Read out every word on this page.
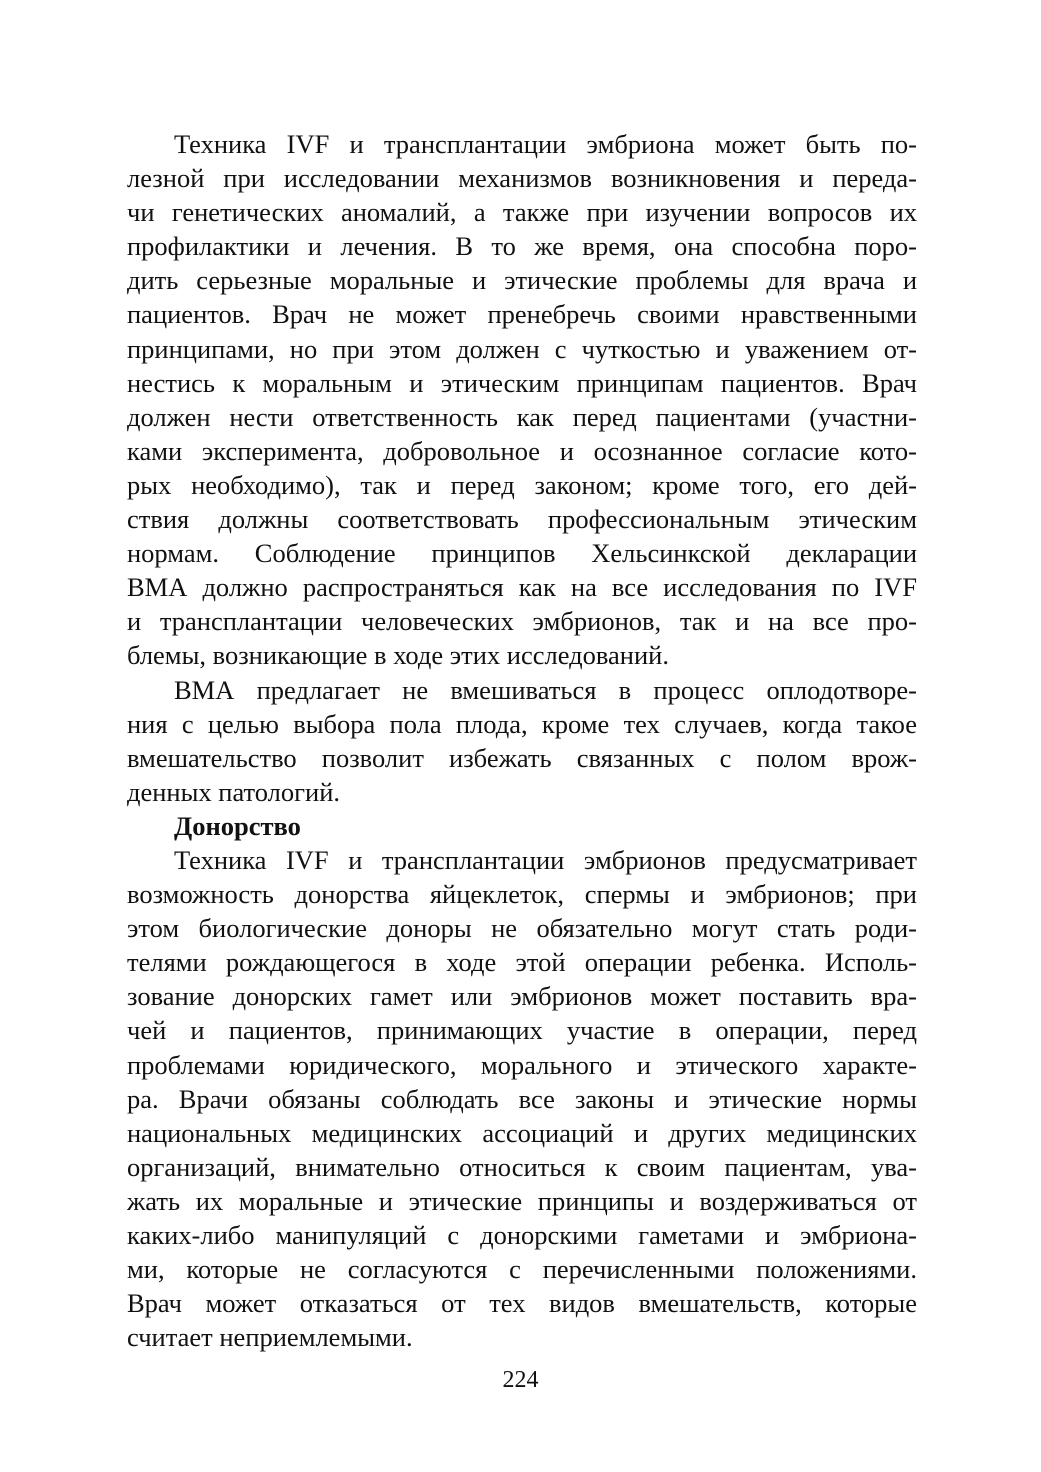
Техника IVF и трансплантации эмбриона может быть по-
лезной при исследовании механизмов возникновения и переда-
чи генетических аномалий, а также при изучении вопросов их
профилактики и лечения. В то же время, она способна поро-
дить серьезные моральные и этические проблемы для врача и
пациентов. Врач не может пренебречь своими нравственными
принципами, но при этом должен с чуткостью и уважением от-
нестись к моральным и этическим принципам пациентов. Врач
должен нести ответственность как перед пациентами (участни-
ками эксперимента, добровольное и осознанное согласие кото-
рых необходимо), так и перед законом; кроме того, его дей-
ствия должны соответствовать профессиональным этическим
нормам. Соблюдение принципов Хельсинкской декларации
ВМА должно распространяться как на все исследования по IVF
и трансплантации человеческих эмбрионов, так и на все про-
блемы, возникающие в ходе этих исследований.
ВМА предлагает не вмешиваться в процесс оплодотворе-
ния с целью выбора пола плода, кроме тех случаев, когда такое
вмешательство позволит избежать связанных с полом врож-
денных патологий.
Донорство
Техника IVF и трансплантации эмбрионов предусматривает
возможность донорства яйцеклеток, спермы и эмбрионов; при
этом биологические доноры не обязательно могут стать роди-
телями рождающегося в ходе этой операции ребенка. Исполь-
зование донорских гамет или эмбрионов может поставить вра-
чей и пациентов, принимающих участие в операции, перед
проблемами юридического, морального и этического характе-
ра. Врачи обязаны соблюдать все законы и этические нормы
национальных медицинских ассоциаций и других медицинских
организаций, внимательно относиться к своим пациентам, ува-
жать их моральные и этические принципы и воздерживаться от
каких-либо манипуляций с донорскими гаметами и эмбриона-
ми, которые не согласуются с перечисленными положениями.
Врач может отказаться от тех видов вмешательств, которые
считает неприемлемыми.
224
